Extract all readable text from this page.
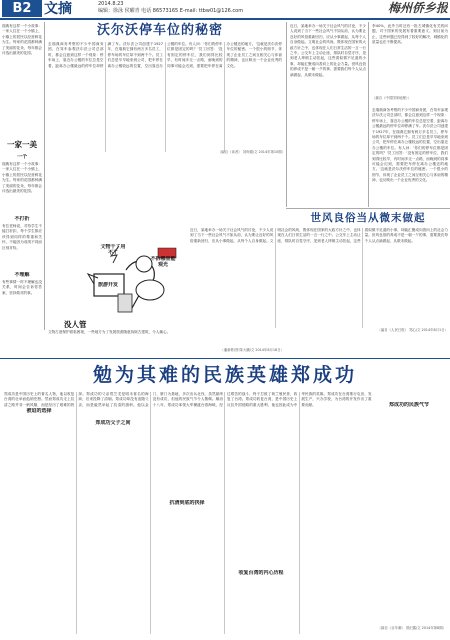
B2 文摘	2014.8.23
编辑：徐泳 侯曜青 电话 86573165 E-mail: ttbw01@126.com	梅州侨乡报
沃尔沃停车位的秘密
去瑞典商务考察的不少中国商务团，在驾车参观沃尔沃公司总部时，都会注意到这样一个现象：停车场上，靠近办公楼的车位总是空着，距离办公楼最远的停车位却停满了车。沃尔沃公司创建于1927年，在瑞典它拥有两万多名员工，停车场的车位却不到两千个。员工们总是早早地来到公司，把车停在离办公楼较远的位置，空出靠近办公楼的车位。有人问：'你们的停车位都是固定的吗？'员工回答：'没有固定的停车位，我们到得比较早，有时间多走一点路，而晚到的同事可能会迟到，需要把车停在离办公楼近的地方。'这就是沃尔沃停车位的秘密。一个很小的细节，体现了企业员工之间互相关心与体谅的精神，也反映出一个企业优秀的文化。
（编自《读者》 刘尚德/文 2014年第10期）
瑞典有这样一个小故事：一家人住在一个小镇上，小镇上的居民以经营鲜花为生。每家的花园都种满了美丽的花朵，每年都会评选出最美的花园。
一家一美
一个
瑞典有这样一个小故事：一家人住在一个小镇上，小镇上的居民以经营鲜花为生。每家的花园都种满了美丽的花朵，每年都会评选出最美的花园。
不打折
有位老师说，对待学生不能打折扣，每个学生都应该得到同样的尊重和关怀，不能因为成绩不同而区别对待。
不理解
有些事情一时不理解也没关系，时间会告诉你答案，坚持做对的事。
近日，某地举办一场关于社会风气的讨论，不少人说到了当下一些社会风气不如从前，认为要让良好的风俗重新回归，应从小事做起，从每个人自身做起。文明社会的风尚，既体现在国家的大政方针之中，也体现在人们日常生活的一言一行之中。公交车上主动让座，排队时自觉守序，见到老人摔倒主动扶起，这些看似微不足道的小事，却能汇聚成向善向上的社会力量。世风良俗的养成不是一朝一夕的事，需要我们每个人从点滴做起，从微末做起。
李40%，此外当时还有一批左城镇化有关的问题，对于国家的发展有着重要意义。到目前为止，这些问题已经得到了较好的解决，城镇化的质量也在不断提高。
（摘自《中国国家地理》）
去瑞典商务考察的不少中国商务团，在驾车参观沃尔沃公司总部时，都会注意到这样一个现象：停车场上，靠近办公楼的车位总是空着，距离办公楼最远的停车位却停满了车。沃尔沃公司创建于1927年，在瑞典它拥有两万多名员工，停车场的车位却不到两千个。员工们总是早早地来到公司，把车停在离办公楼较远的位置，空出靠近办公楼的车位。有人问：'你们的停车位都是固定的吗？'员工回答：'没有固定的停车位，我们到得比较早，有时间多走一点路，而晚到的同事可能会迟到，需要把车停在离办公楼近的地方。'这就是沃尔沃停车位的秘密。一个很小的细节，体现了企业员工之间互相关心与体谅的精神，也反映出一个企业优秀的文化。
世风良俗当从微末做起
近日，某地举办一场关于社会风气的讨论，不少人说到了当下一些社会风气不如从前，认为要让良好的风俗重新回归，应从小事做起，从每个人自身做起。文明社会的风尚，既体现在国家的大政方针之中，也体现在人们日常生活的一言一行之中。公交车上主动让座，排队时自觉守序，见到老人摔倒主动扶起，这些看似微不足道的小事，却能汇聚成向善向上的社会力量。世风良俗的养成不是一朝一夕的事，需要我们每个人从点滴做起，从微末做起。
（编自《人民日报》 郑心/文 2014年8月1日）
文物干了用不了
不拆哪里能观光
主张？
旅游开发
没人管
文物古迹保护面临困境，一些地方为了发展旅游随意拆除古建筑，令人痛心。
（潘新彬/图 陈大鹏/文 2014年8月18日）
勉为其难的民族英雄郑成功
郑成功是中国历史上的著名人物，他以收复台湾的壮举而彪炳史册。然而郑成功走上抗清之路并非一帆风顺，而是经历了艰难的抉择。郑成功的父亲郑芝龙是明末著名的海商，后来投降了清朝。郑成功却没有追随父亲，而是毅然举起了抗清的旗帜。他以金门、厦门为基地，多次出兵北伐，虽然最终没有成功，但他的民族气节令人敬佩。顺治十八年，郑成功率领大军横渡台湾海峡，经过艰苦的战斗，终于打败了荷兰殖民者，收复了台湾。郑成功收复台湾，是中国历史上反抗外国侵略的重大胜利，他也因此成为中华民族的英雄。郑成功在台湾推行屯田，发展生产，兴办学校，为台湾的开发作出了重要贡献。
被迫的选择
郑成功父子之间
抗清到底的抉择
收复台湾的内心历程
郑成功的民族气节
（摘自《百年潮》 曾纪鑫/文 2014年第8期）
